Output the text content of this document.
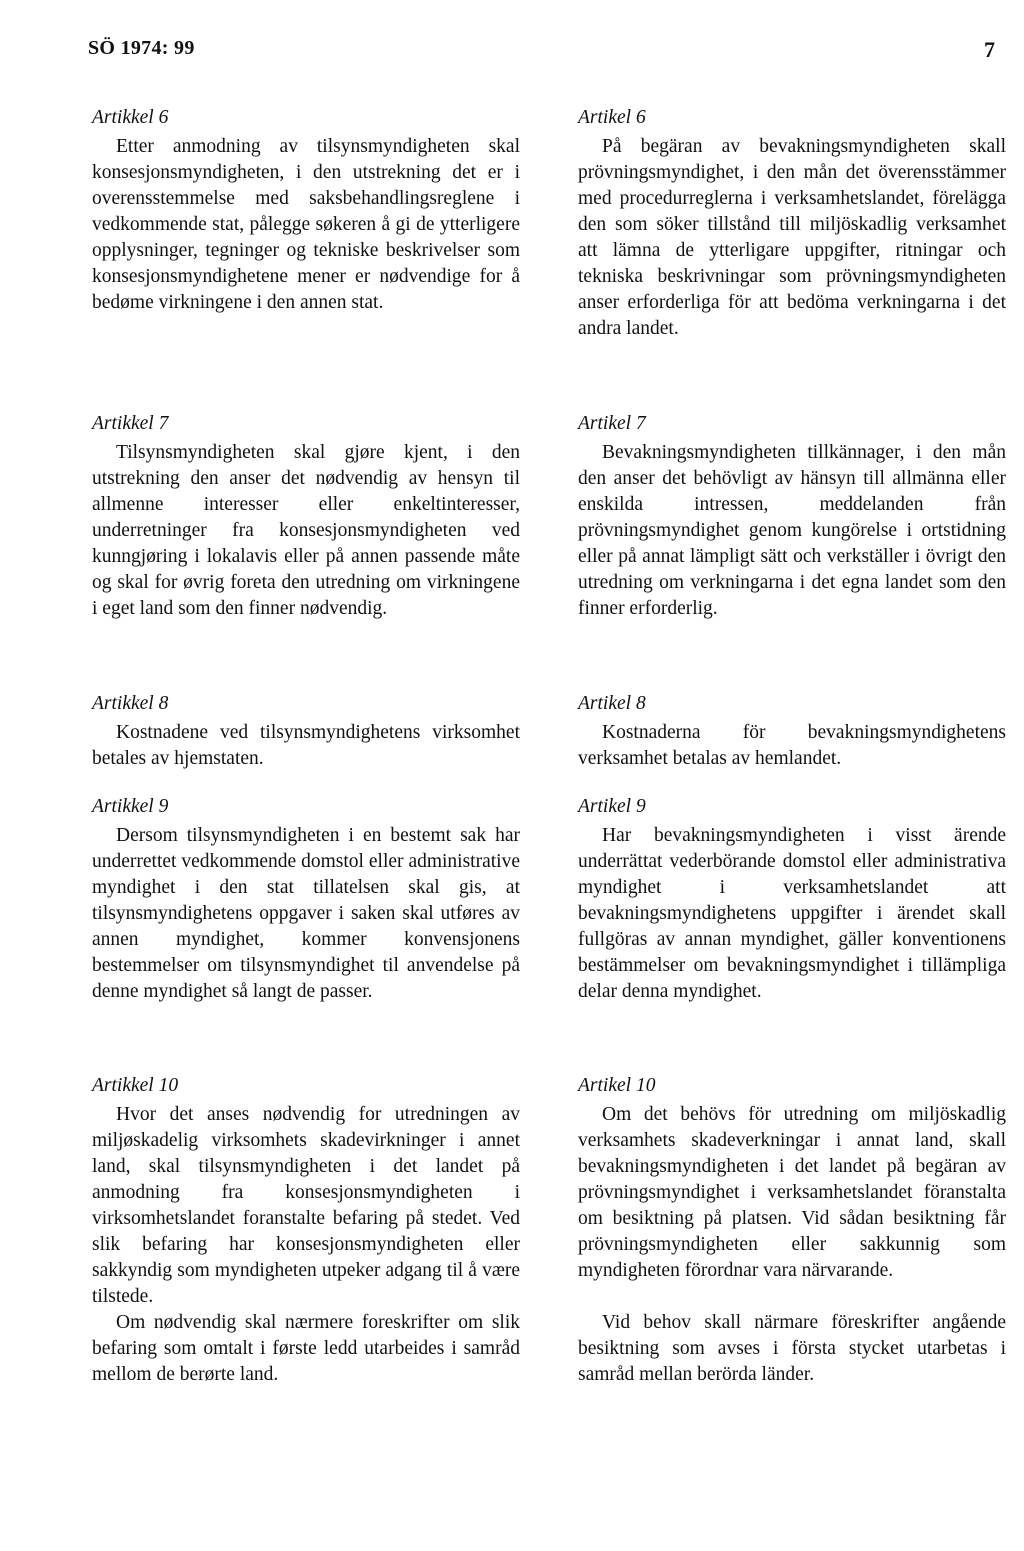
SÖ 1974: 99	7
Artikkel 6

Etter anmodning av tilsynsmyndigheten skal konsesjonsmyndigheten, i den utstrekning det er i overensstemmelse med saksbehandlingsreglene i vedkommende stat, pålegge søkeren å gi de ytterligere opplysninger, tegninger og tekniske beskrivelser som konsesjonsmyndighetene mener er nødvendige for å bedøme virkningene i den annen stat.

Artikkel 7

Tilsynsmyndigheten skal gjøre kjent, i den utstrekning den anser det nødvendig av hensyn til allmenne interesser eller enkeltinteresser, underretninger fra konsesjonsmyndigheten ved kunngjøring i lokalavis eller på annen passende måte og skal for øvrig foreta den utredning om virkningene i eget land som den finner nødvendig.

Artikkel 8

Kostnadene ved tilsynsmyndighetens virksomhet betales av hjemstaten.

Artikkel 9

Dersom tilsynsmyndigheten i en bestemt sak har underrettet vedkommende domstol eller administrative myndighet i den stat tillatelsen skal gis, at tilsynsmyndighetens oppgaver i saken skal utføres av annen myndighet, kommer konvensjonens bestemmelser om tilsynsmyndighet til anvendelse på denne myndighet så langt de passer.

Artikkel 10

Hvor det anses nødvendig for utredningen av miljøskadelig virksomhets skadevirkninger i annet land, skal tilsynsmyndigheten i det landet på anmodning fra konsesjonsmyndigheten i virksomhetslandet foranstalte befaring på stedet. Ved slik befaring har konsesjonsmyndigheten eller sakkyndig som myndigheten utpeker adgang til å være tilstede.

Om nødvendig skal nærmere foreskrifter om slik befaring som omtalt i første ledd utarbeides i samråd mellom de berørte land.

Artikel 6

På begäran av bevakningsmyndigheten skall prövningsmyndighet, i den mån det överensstämmer med procedurreglerna i verksamhetslandet, förelägga den som söker tillstånd till miljöskadlig verksamhet att lämna de ytterligare uppgifter, ritningar och tekniska beskrivningar som prövningsmyndigheten anser erforderliga för att bedöma verkningarna i det andra landet.

Artikel 7

Bevakningsmyndigheten tillkännager, i den mån den anser det behövligt av hänsyn till allmänna eller enskilda intressen, meddelanden från prövningsmyndighet genom kungörelse i ortstidning eller på annat lämpligt sätt och verkställer i övrigt den utredning om verkningarna i det egna landet som den finner erforderlig.

Artikel 8

Kostnaderna för bevakningsmyndighetens verksamhet betalas av hemlandet.

Artikel 9

Har bevakningsmyndigheten i visst ärende underrättat vederbörande domstol eller administrativa myndighet i verksamhetslandet att bevakningsmyndighetens uppgifter i ärendet skall fullgöras av annan myndighet, gäller konventionens bestämmelser om bevakningsmyndighet i tillämpliga delar denna myndighet.

Artikel 10

Om det behövs för utredning om miljöskadlig verksamhets skadeverkningar i annat land, skall bevakningsmyndigheten i det landet på begäran av prövningsmyndighet i verksamhetslandet föranstalta om besiktning på platsen. Vid sådan besiktning får prövningsmyndigheten eller sakkunnig som myndigheten förordnar vara närvarande.

Vid behov skall närmare föreskrifter angående besiktning som avses i första stycket utarbetas i samråd mellan berörda länder.
